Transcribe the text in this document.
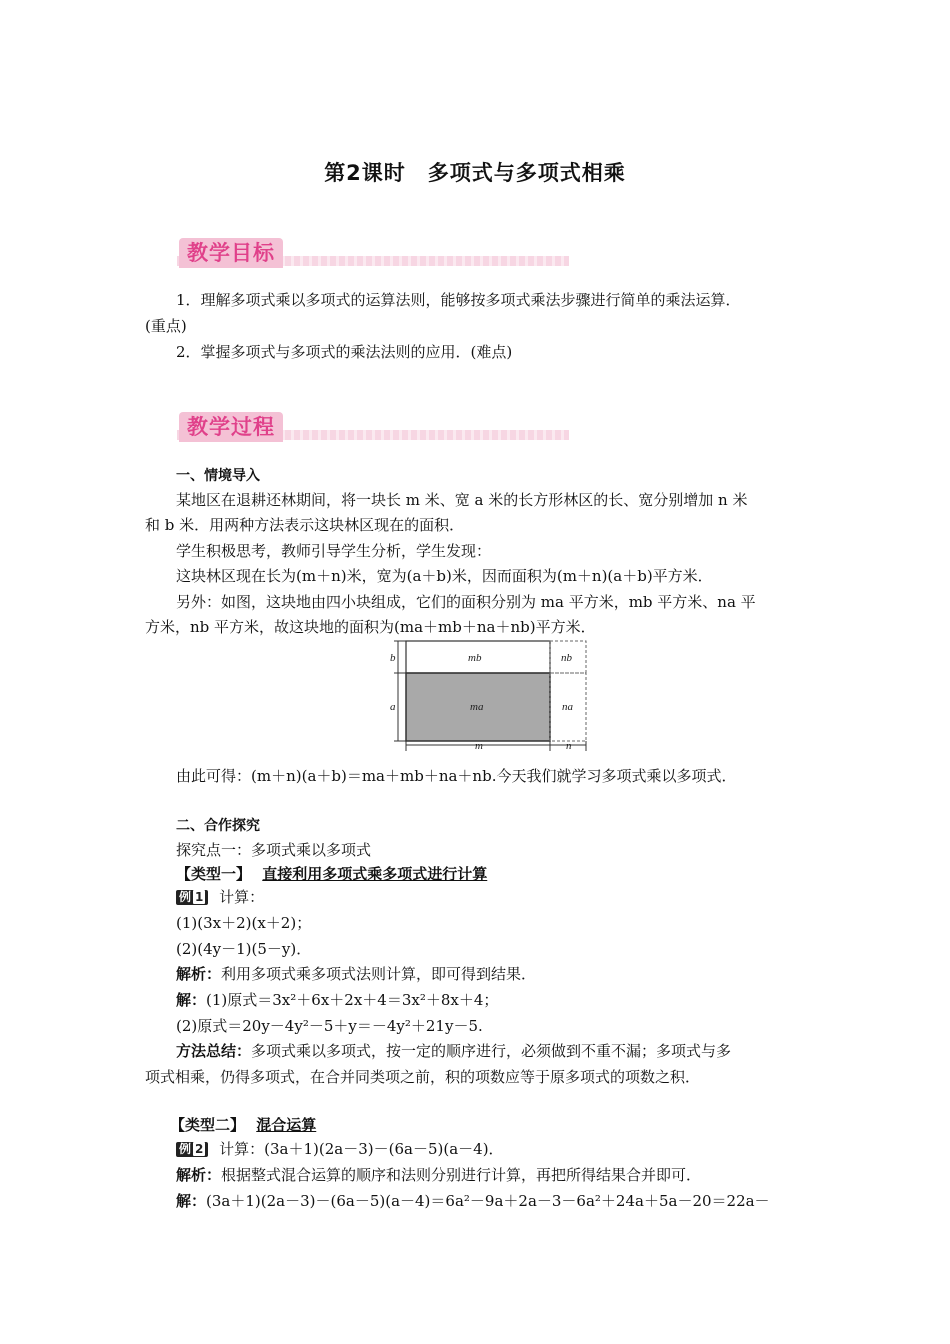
第2课时　多项式与多项式相乘
教学目标
1．理解多项式乘以多项式的运算法则，能够按多项式乘法步骤进行简单的乘法运算．
(重点)
2．掌握多项式与多项式的乘法法则的应用．(难点)
教学过程
一、情境导入
某地区在退耕还林期间，将一块长 m 米、宽 a 米的长方形林区的长、宽分别增加 n 米
和 b 米．用两种方法表示这块林区现在的面积．
学生积极思考，教师引导学生分析，学生发现：
这块林区现在长为(m＋n)米，宽为(a＋b)米，因而面积为(m＋n)(a＋b)平方米．
另外：如图，这块地由四小块组成，它们的面积分别为 ma 平方米，mb 平方米、na 平
方米，nb 平方米，故这块地的面积为(ma＋mb＋na＋nb)平方米．
mb	nb
ma	na
b
a
m	n
由此可得：(m＋n)(a＋b)＝ma＋mb＋na＋nb.今天我们就学习多项式乘以多项式．
二、合作探究
探究点一：多项式乘以多项式
【类型一】 直接利用多项式乘多项式进行计算
例 1 计算：
(1)(3x＋2)(x＋2)；
(2)(4y－1)(5－y)．
解析：利用多项式乘多项式法则计算，即可得到结果．
解：(1)原式＝3x²＋6x＋2x＋4＝3x²＋8x＋4；
(2)原式＝20y－4y²－5＋y＝－4y²＋21y－5.
方法总结：多项式乘以多项式，按一定的顺序进行，必须做到不重不漏；多项式与多
项式相乘，仍得多项式，在合并同类项之前，积的项数应等于原多项式的项数之积．
【类型二】 混合运算
例 2 计算：(3a＋1)(2a－3)－(6a－5)(a－4)．
解析：根据整式混合运算的顺序和法则分别进行计算，再把所得结果合并即可．
解：(3a＋1)(2a－3)－(6a－5)(a－4)＝6a²－9a＋2a－3－6a²＋24a＋5a－20＝22a－
